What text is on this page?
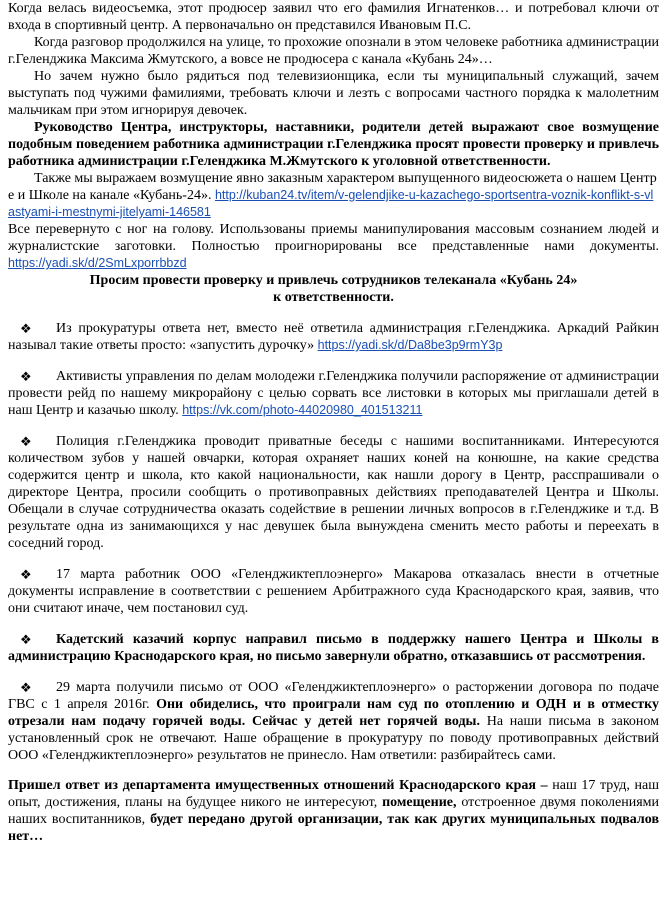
Когда велась видеосъемка, этот продюсер заявил что его фамилия Игнатенков… и потребовал ключи от входа в спортивный центр. А первоначально он представился Ивановым П.С.

Когда разговор продолжился на улице, то прохожие опознали в этом человеке работника администрации г.Геленджика Максима Жмутского, а вовсе не продюсера с канала «Кубань 24»…

Но зачем нужно было рядиться под телевизионщика, если ты муниципальный служащий, зачем выступать под чужими фамилиями, требовать ключи и лезть с вопросами частного порядка к малолетним мальчикам при этом игнорируя девочек.

Руководство Центра, инструкторы, наставники, родители детей выражают свое возмущение подобным поведением работника администрации г.Геленджика просят провести проверку и привлечь работника администрации г.Геленджика М.Жмутского к уголовной ответственности.

Также мы выражаем возмущение явно заказным характером выпущенного видеосюжета о нашем Центре и Школе на канале «Кубань-24». http://kuban24.tv/item/v-gelendjike-u-kazachego-sportsentra-voznik-konflikt-s-vlastyami-i-mestnymi-jitelyami-146581

Все перевернуто с ног на голову. Использованы приемы манипулирования массовым сознанием людей и журналистские заготовки. Полностью проигнорированы все представленные нами документы. https://yadi.sk/d/2SmLxporrbbzd

Просим провести проверку и привлечь сотрудников телеканала «Кубань 24»

к ответственности.

❖ Из прокуратуры ответа нет, вместо неё ответила администрация г.Геленджика. Аркадий Райкин называл такие ответы просто: «запустить дурочку» https://yadi.sk/d/Da8be3p9rmY3p

❖ Активисты управления по делам молодежи г.Геленджика получили распоряжение от администрации провести рейд по нашему микрорайону с целью сорвать все листовки в которых мы приглашали детей в наш Центр и казачью школу. https://vk.com/photo-44020980_401513211

❖ Полиция г.Геленджика проводит приватные беседы с нашими воспитанниками. Интересуются количеством зубов у нашей овчарки, которая охраняет наших коней на конюшне, на какие средства содержится центр и школа, кто какой национальности, как нашли дорогу в Центр, расспрашивали о директоре Центра, просили сообщить о противоправных действиях преподавателей Центра и Школы. Обещали в случае сотрудничества оказать содействие в решении личных вопросов в г.Геленджике и т.д. В результате одна из занимающихся у нас девушек была вынуждена сменить место работы и переехать в соседний город.

❖ 17 марта работник ООО «Геленджиктеплоэнерго» Макарова отказалась внести в отчетные документы исправление в соответствии с решением Арбитражного суда Краснодарского края, заявив, что они считают иначе, чем постановил суд.

❖ Кадетский казачий корпус направил письмо в поддержку нашего Центра и Школы в администрацию Краснодарского края, но письмо завернули обратно, отказавшись от рассмотрения.

❖ 29 марта получили письмо от ООО «Геленджиктеплоэнерго» о расторжении договора по подаче ГВС с 1 апреля 2016г. Они обиделись, что проиграли нам суд по отоплению и ОДН и в отместку отрезали нам подачу горячей воды. Сейчас у детей нет горячей воды. На наши письма в законом установленный срок не отвечают. Наше обращение в прокуратуру по поводу противоправных действий ООО «Геленджиктеплоэнерго» результатов не принесло. Нам ответили: разбирайтесь сами.

Пришел ответ из департамента имущественных отношений Краснодарского края – наш 17 труд, наш опыт, достижения, планы на будущее никого не интересуют, помещение, отстроенное двумя поколениями наших воспитанников, будет передано другой организации, так как других муниципальных подвалов нет…
